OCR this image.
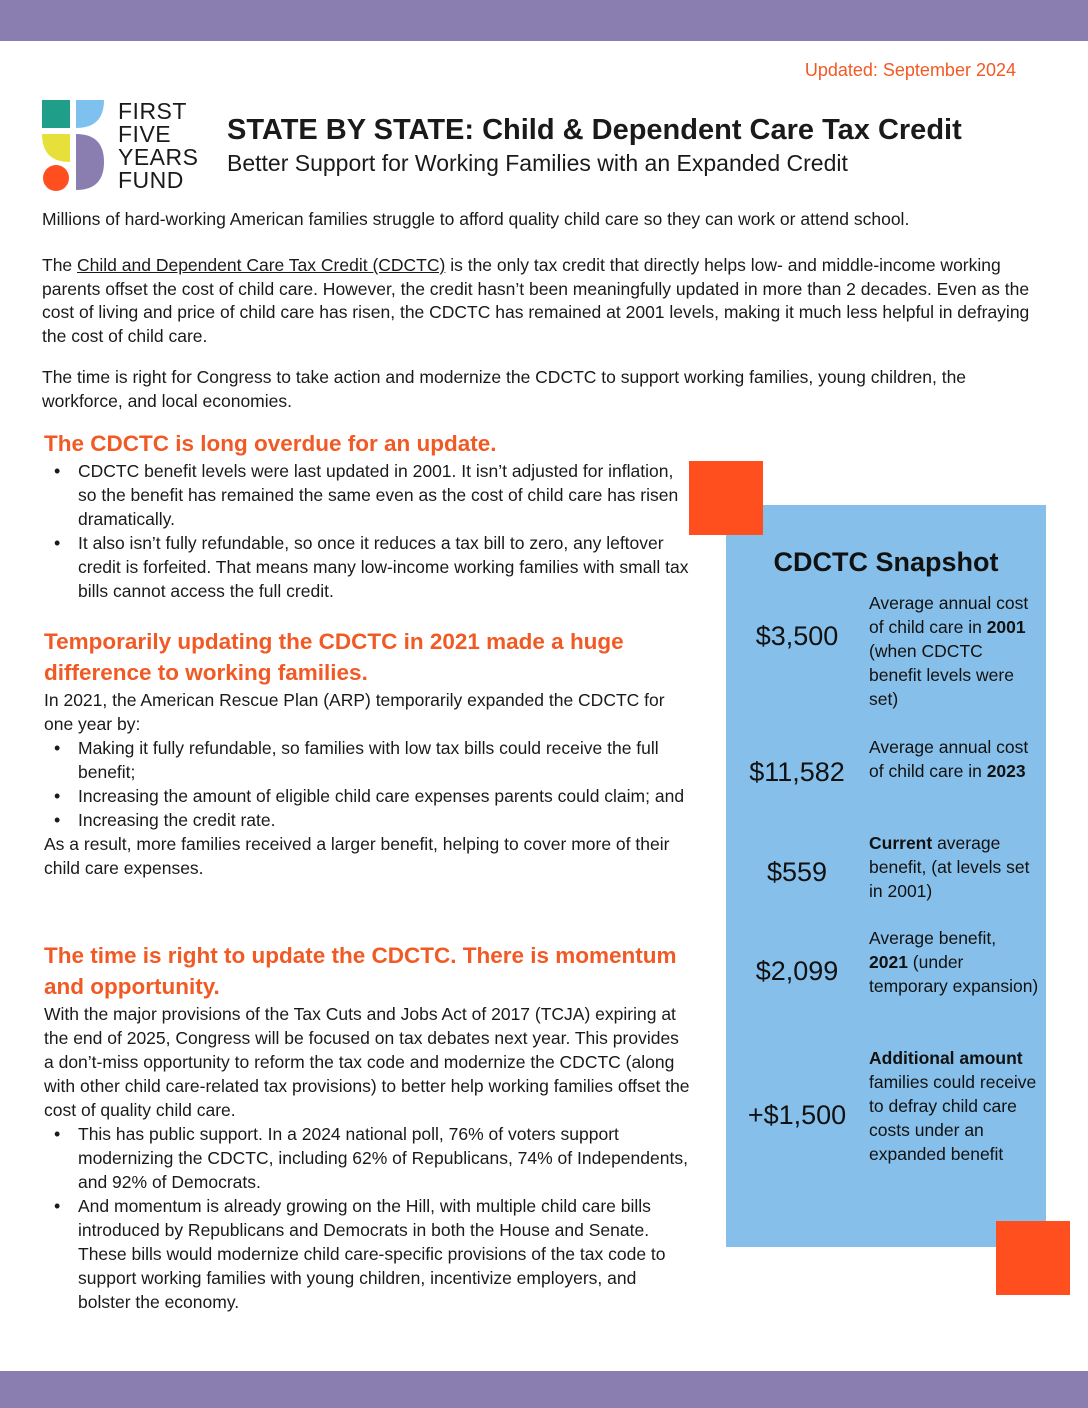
Updated: September 2024
FIRST
FIVE
YEARS
FUND
STATE BY STATE: Child & Dependent Care Tax Credit
Better Support for Working Families with an Expanded Credit

Millions of hard-working American families struggle to afford quality child care so they can work or attend school.

The Child and Dependent Care Tax Credit (CDCTC) is the only tax credit that directly helps low- and middle-income working parents offset the cost of child care. However, the credit hasn’t been meaningfully updated in more than 2 decades. Even as the cost of living and price of child care has risen, the CDCTC has remained at 2001 levels, making it much less helpful in defraying the cost of child care.

The time is right for Congress to take action and modernize the CDCTC to support working families, young children, the workforce, and local economies.

The CDCTC is long overdue for an update.
• CDCTC benefit levels were last updated in 2001. It isn’t adjusted for inflation, so the benefit has remained the same even as the cost of child care has risen dramatically.
• It also isn’t fully refundable, so once it reduces a tax bill to zero, any leftover credit is forfeited. That means many low-income working families with small tax bills cannot access the full credit.
Temporarily updating the CDCTC in 2021 made a huge difference to working families.

In 2021, the American Rescue Plan (ARP) temporarily expanded the CDCTC for one year by:

• Making it fully refundable, so families with low tax bills could receive the full benefit;
• Increasing the amount of eligible child care expenses parents could claim; and
• Increasing the credit rate.

As a result, more families received a larger benefit, helping to cover more of their child care expenses.

The time is right to update the CDCTC. There is momentum and opportunity.

With the major provisions of the Tax Cuts and Jobs Act of 2017 (TCJA) expiring at the end of 2025, Congress will be focused on tax debates next year. This provides a don’t-miss opportunity to reform the tax code and modernize the CDCTC (along with other child care-related tax provisions) to better help working families offset the cost of quality child care.

• This has public support. In a 2024 national poll, 76% of voters support modernizing the CDCTC, including 62% of Republicans, 74% of Independents, and 92% of Democrats.
• And momentum is already growing on the Hill, with multiple child care bills introduced by Republicans and Democrats in both the House and Senate. These bills would modernize child care-specific provisions of the tax code to support working families with young children, incentivize employers, and bolster the economy.
CDCTC Snapshot
$3,500
Average annual cost of child care in 2001 (when CDCTC benefit levels were set)
$11,582
Average annual cost of child care in 2023
$559
Current average benefit, (at levels set in 2001)
$2,099
Average benefit, 2021 (under temporary expansion)
+$1,500
Additional amount families could receive to defray child care costs under an expanded benefit
